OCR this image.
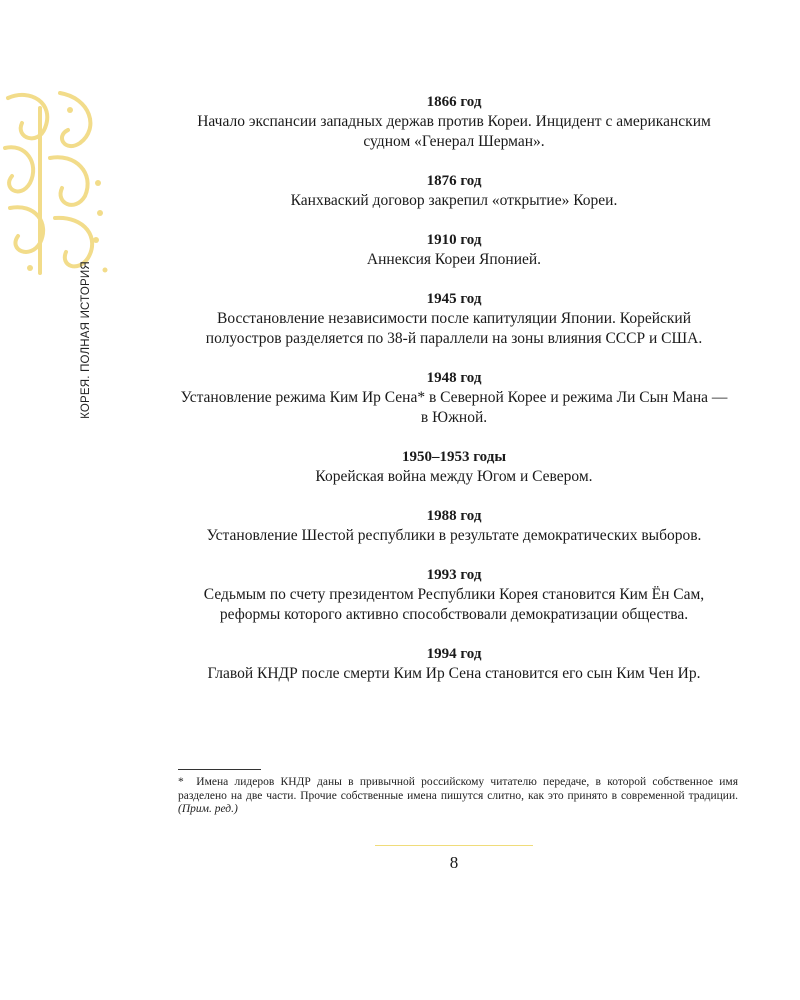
КОРЕЯ. ПОЛНАЯ ИСТОРИЯ
1866 год
Начало экспансии западных держав против Кореи. Инцидент с американским судном «Генерал Шерман».
1876 год
Канхваский договор закрепил «открытие» Кореи.
1910 год
Аннексия Кореи Японией.
1945 год
Восстановление независимости после капитуляции Японии. Корейский полуостров разделяется по 38-й параллели на зоны влияния СССР и США.
1948 год
Установление режима Ким Ир Сена* в Северной Корее и режима Ли Сын Мана — в Южной.
1950–1953 годы
Корейская война между Югом и Севером.
1988 год
Установление Шестой республики в результате демократических выборов.
1993 год
Седьмым по счету президентом Республики Корея становится Ким Ён Сам, реформы которого активно способствовали демократизации общества.
1994 год
Главой КНДР после смерти Ким Ир Сена становится его сын Ким Чен Ир.
* Имена лидеров КНДР даны в привычной российскому читателю передаче, в которой собственное имя разделено на две части. Прочие собственные имена пишутся слитно, как это принято в современной традиции. (Прим. ред.)
8
